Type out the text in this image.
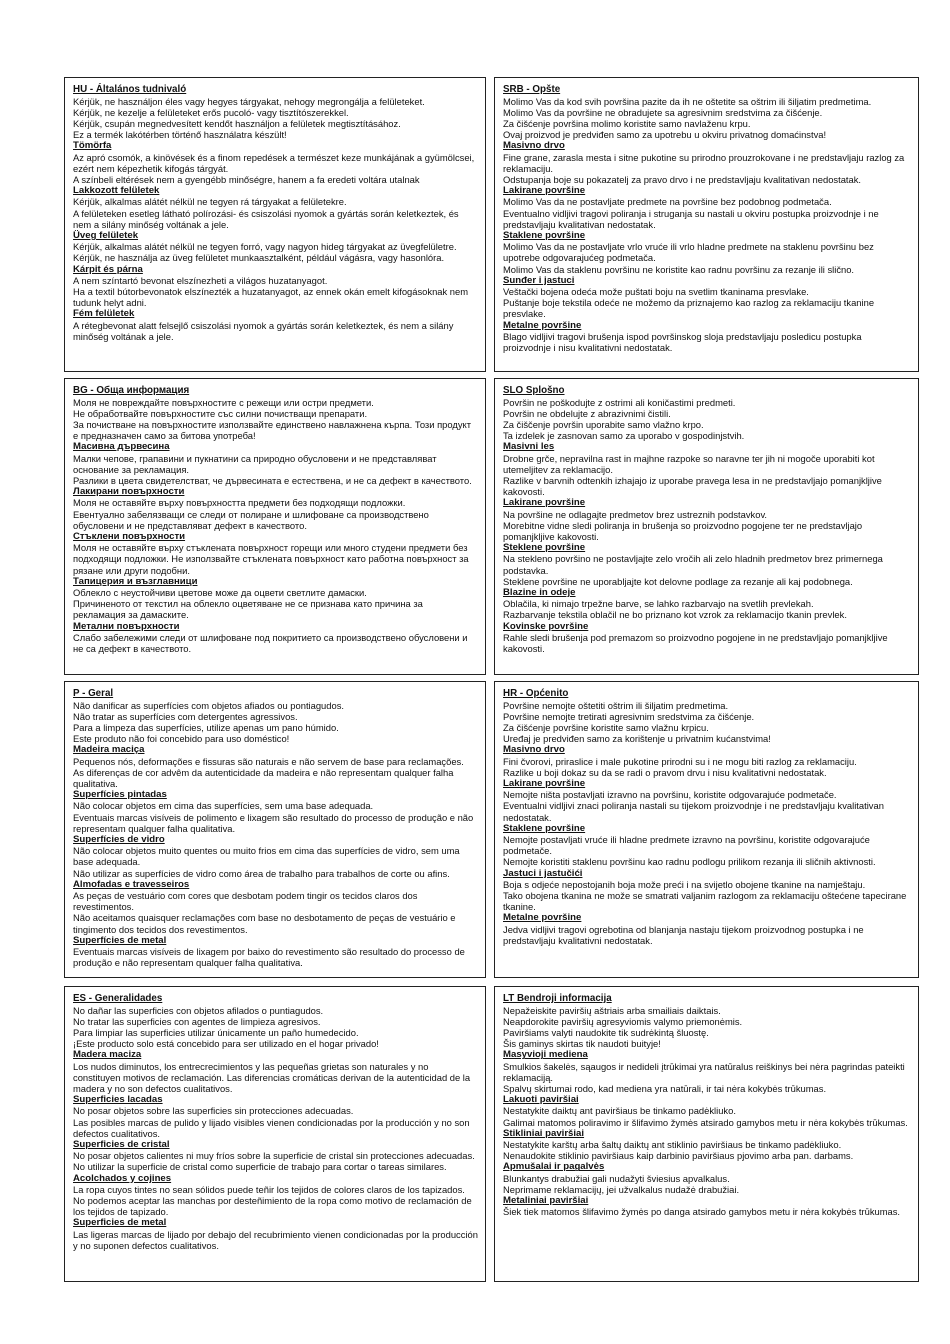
HU - Általános tudnivaló

Kérjük, ne használjon éles vagy hegyes tárgyakat, nehogy megrongálja a felületeket.

Kérjük, ne kezelje a felületeket erős pucoló- vagy tisztítószerekkel.

Kérjük, csupán megnedvesített kendőt használjon a felületek megtisztításához.

Ez a termék lakótérben történő használatra készült!

Tömörfa

Az apró csomók, a kinövések és a finom repedések a természet keze munkájának a gyümölcsei, ezért nem képezhetik kifogás tárgyát.

A színbeli eltérések nem a gyengébb minőségre, hanem a fa eredeti voltára utalnak

Lakkozott felületek

Kérjük, alkalmas alátét nélkül ne tegyen rá tárgyakat a felületekre.

A felületeken esetleg látható polírozási- és csiszolási nyomok a gyártás során keletkeztek, és nem a silány minőség voltának a jele.

Üveg felületek

Kérjük, alkalmas alátét nélkül ne tegyen forró, vagy nagyon hideg tárgyakat az üvegfelületre.

Kérjük, ne használja az üveg felületet munkaasztalként, például vágásra, vagy hasonlóra.

Kárpit és párna

A nem színtartó bevonat elszínezheti a világos huzatanyagot.

Ha a textil bútorbevonatok elszínezték a huzatanyagot, az ennek okán emelt kifogásoknak nem tudunk helyt adni.

Fém felületek

A rétegbevonat alatt felsejlő csiszolási nyomok a gyártás során keletkeztek, és nem a silány minőség voltának a jele.

SRB - Opšte

Molimo Vas da kod svih površina pazite da ih ne oštetite sa oštrim ili šiljatim predmetima.

Molimo Vas da površine ne obradujete sa agresivnim sredstvima za čišćenje.

Za čišćenje površina molimo koristite samo navlaženu krpu.

Ovaj proizvod je predviđen samo za upotrebu u okviru privatnog domaćinstva!

Masivno drvo

Fine grane, zarasla mesta i sitne pukotine su prirodno prouzrokovane i ne predstavljaju razlog za reklamaciju.

Odstupanja boje su pokazatelj za pravo drvo i ne predstavljaju kvalitativan nedostatak.

Lakirane površine

Molimo Vas da ne postavljate predmete na površine bez podobnog podmetača.

Eventualno vidljivi tragovi poliranja i struganja su nastali u okviru postupka proizvodnje i ne predstavljaju kvalitativan nedostatak.

Staklene površine

Molimo Vas da ne postavljate vrlo vruće ili vrlo hladne predmete na staklenu površinu bez upotrebe odgovarajućeg podmetača.

Molimo Vas da staklenu površinu ne koristite kao radnu površinu za rezanje ili slično.

Sunđer i jastuci

Veštački bojena odeća može puštati boju na svetlim tkaninama presvlake.

Puštanje boje tekstila odeće ne možemo da priznajemo kao razlog za reklamaciju tkanine presvlake.

Metalne površine

Blago vidljivi tragovi brušenja ispod površinskog sloja predstavljaju posledicu postupka proizvodnje i nisu kvalitativni nedostatak.

BG - Обща информация

Моля не повреждайте повърхностите с режещи или остри предмети.

Не обработвайте повърхностите със силни почистващи препарати.

За почистване на повърхностите използвайте единствено навлажнена кърпа. Този продукт е предназначен само за битова употреба!

Масивна дървесина

Малки чепове, грапавини и пукнатини са природно обусловени и не представляват основание за рекламация.

Разлики в цвета свидетелстват, че дървесината е естествена, и не са дефект в качеството.

Лакирани повърхности

Моля не оставяйте върху повърхността предмети без подходящи подложки.

Евентуално забелязващи се следи от полиране и шлифоване са производствено обусловени и не представляват дефект в качеството.

Стъклени повърхности

Моля не оставяйте върху стъклената повърхност горещи или много студени предмети без подходящи подложки. Не използвайте стъклената повърхност като работна повърхност за рязане или други подобни.

Тапицерия и възглавници

Облекло с неустойчиви цветове може да оцвети светлите дамаски.

Причиненото от текстил на облекло оцветяване не се признава като причина за рекламация за дамаските.

Метални повърхности

Слабо забележими следи от шлифоване под покритието са производствено обусловени и не са дефект в качеството.

SLO Splošno

Površin ne poškodujte z ostrimi ali koničastimi predmeti.

Površin ne obdelujte z abrazivnimi čistili.

Za čiščenje površin uporabite samo vlažno krpo.

Ta izdelek je zasnovan samo za uporabo v gospodinjstvih.

Masivni les

Drobne grče, nepravilna rast in majhne razpoke so naravne ter jih ni mogoče uporabiti kot utemeljitev za reklamacijo.

Razlike v barvnih odtenkih izhajajo iz uporabe pravega lesa in ne predstavljajo pomanjkljive kakovosti.

Lakirane površine

Na površine ne odlagajte predmetov brez ustreznih podstavkov.

Morebitne vidne sledi poliranja in brušenja so proizvodno pogojene ter ne predstavljajo pomanjkljive kakovosti.

Steklene površine

Na stekleno površino ne postavljajte zelo vročih ali zelo hladnih predmetov brez primernega podstavka.

Steklene površine ne uporabljajte kot delovne podlage za rezanje ali kaj podobnega.

Blazine in odeje

Oblačila, ki nimajo trpežne barve, se lahko razbarvajo na svetlih prevlekah.

Razbarvanje tekstila oblačil ne bo priznano kot vzrok za reklamacijo tkanin prevlek.

Kovinske površine

Rahle sledi brušenja pod premazom so proizvodno pogojene in ne predstavljajo pomanjkljive kakovosti.

P - Geral

Não danificar as superfícies com objetos afiados ou pontiagudos.

Não tratar as superfícies com detergentes agressivos.

Para a limpeza das superfícies, utilize apenas um pano húmido.

Este produto não foi concebido para uso doméstico!

Madeira maciça

Pequenos nós, deformações e fissuras são naturais e não servem de base para reclamações.

As diferenças de cor advêm da autenticidade da madeira e não representam qualquer falha qualitativa.

Superfícies pintadas

Não colocar objetos em cima das superfícies, sem uma base adequada.

Eventuais marcas visíveis de polimento e lixagem são resultado do processo de produção e não representam qualquer falha qualitativa.

Superfícies de vidro

Não colocar objetos muito quentes ou muito frios em cima das superfícies de vidro, sem uma base adequada.

Não utilizar as superfícies de vidro como área de trabalho para trabalhos de corte ou afins.

Almofadas e travesseiros

As peças de vestuário com cores que desbotam podem tingir os tecidos claros dos revestimentos.

Não aceitamos quaisquer reclamações com base no desbotamento de peças de vestuário e tingimento dos tecidos dos revestimentos.

Superfícies de metal

Eventuais marcas visíveis de lixagem por baixo do revestimento são resultado do processo de produção e não representam qualquer falha qualitativa.

HR - Općenito

Površine nemojte oštetiti oštrim ili šiljatim predmetima.

Površine nemojte tretirati agresivnim sredstvima za čišćenje.

Za čišćenje površine koristite samo vlažnu krpicu.

Uređaj je predviđen samo za korištenje u privatnim kućanstvima!

Masivno drvo

Fini čvorovi, priraslice i male pukotine prirodni su i ne mogu biti razlog za reklamaciju.

Razlike u boji dokaz su da se radi o pravom drvu i nisu kvalitativni nedostatak.

Lakirane površine

Nemojte ništa postavljati izravno na površinu, koristite odgovarajuće podmetače.

Eventualni vidljivi znaci poliranja nastali su tijekom proizvodnje i ne predstavljaju kvalitativan nedostatak.

Staklene površine

Nemojte postavljati vruće ili hladne predmete izravno na površinu, koristite odgovarajuće podmetače.

Nemojte koristiti staklenu površinu kao radnu podlogu prilikom rezanja ili sličnih aktivnosti.

Jastuci i jastučići

Boja s odjeće nepostojanih boja može preći i na svijetlo obojene tkanine na namještaju.

Tako obojena tkanina ne može se smatrati valjanim razlogom za reklamaciju oštećene tapecirane tkanine.

Metalne površine

Jedva vidljivi tragovi ogrebotina od blanjanja nastaju tijekom proizvodnog postupka i ne predstavljaju kvalitativni nedostatak.

ES - Generalidades

No dañar las superficies con objetos afilados o puntiagudos.

No tratar las superficies con agentes de limpieza agresivos.

Para limpiar las superficies utilizar únicamente un paño humedecido.

¡Este producto solo está concebido para ser utilizado en el hogar privado!

Madera maciza

Los nudos diminutos, los entrecrecimientos y las pequeñas grietas son naturales y no constituyen motivos de reclamación. Las diferencias cromáticas derivan de la autenticidad de la madera y no son defectos cualitativos.

Superficies lacadas

No posar objetos sobre las superficies sin protecciones adecuadas.

Las posibles marcas de pulido y lijado visibles vienen condicionadas por la producción y no son defectos cualitativos.

Superficies de cristal

No posar objetos calientes ni muy fríos sobre la superficie de cristal sin protecciones adecuadas. No utilizar la superficie de cristal como superficie de trabajo para cortar o tareas similares.

Acolchados y cojines

La ropa cuyos tintes no sean sólidos puede teñir los tejidos de colores claros de los tapizados.

No podemos aceptar las manchas por desteñimiento de la ropa como motivo de reclamación de los tejidos de tapizado.

Superficies de metal

Las ligeras marcas de lijado por debajo del recubrimiento vienen condicionadas por la producción y no suponen defectos cualitativos.

LT Bendroji informacija

Nepažeiskite paviršių aštriais arba smailiais daiktais.

Neapdorokite paviršių agresyviomis valymo priemonėmis.

Paviršiams valyti naudokite tik sudrėkintą šluostę.

Šis gaminys skirtas tik naudoti buityje!

Masyvioji mediena

Smulkios šakelės, sąaugos ir nedideli įtrūkimai yra natūralus reiškinys bei nėra pagrindas pateikti reklamaciją.

Spalvų skirtumai rodo, kad mediena yra natūrali, ir tai nėra kokybės trūkumas.

Lakuoti paviršiai

Nestatykite daiktų ant paviršiaus be tinkamo padėkliuko.

Galimai matomos poliravimo ir šlifavimo žymės atsirado gamybos metu ir nėra kokybės trūkumas.

Stikliniai paviršiai

Nestatykite karštų arba šaltų daiktų ant stiklinio paviršiaus be tinkamo padėkliuko.

Nenaudokite stiklinio paviršiaus kaip darbinio paviršiaus pjovimo arba pan. darbams.

Apmušalai ir pagalvės

Blunkantys drabužiai gali nudažyti šviesius apvalkalus.

Neprimame reklamacijų, jei užvalkalus nudažė drabužiai.

Metaliniai paviršiai

Šiek tiek matomos šlifavimo žymės po danga atsirado gamybos metu ir nėra kokybės trūkumas.
